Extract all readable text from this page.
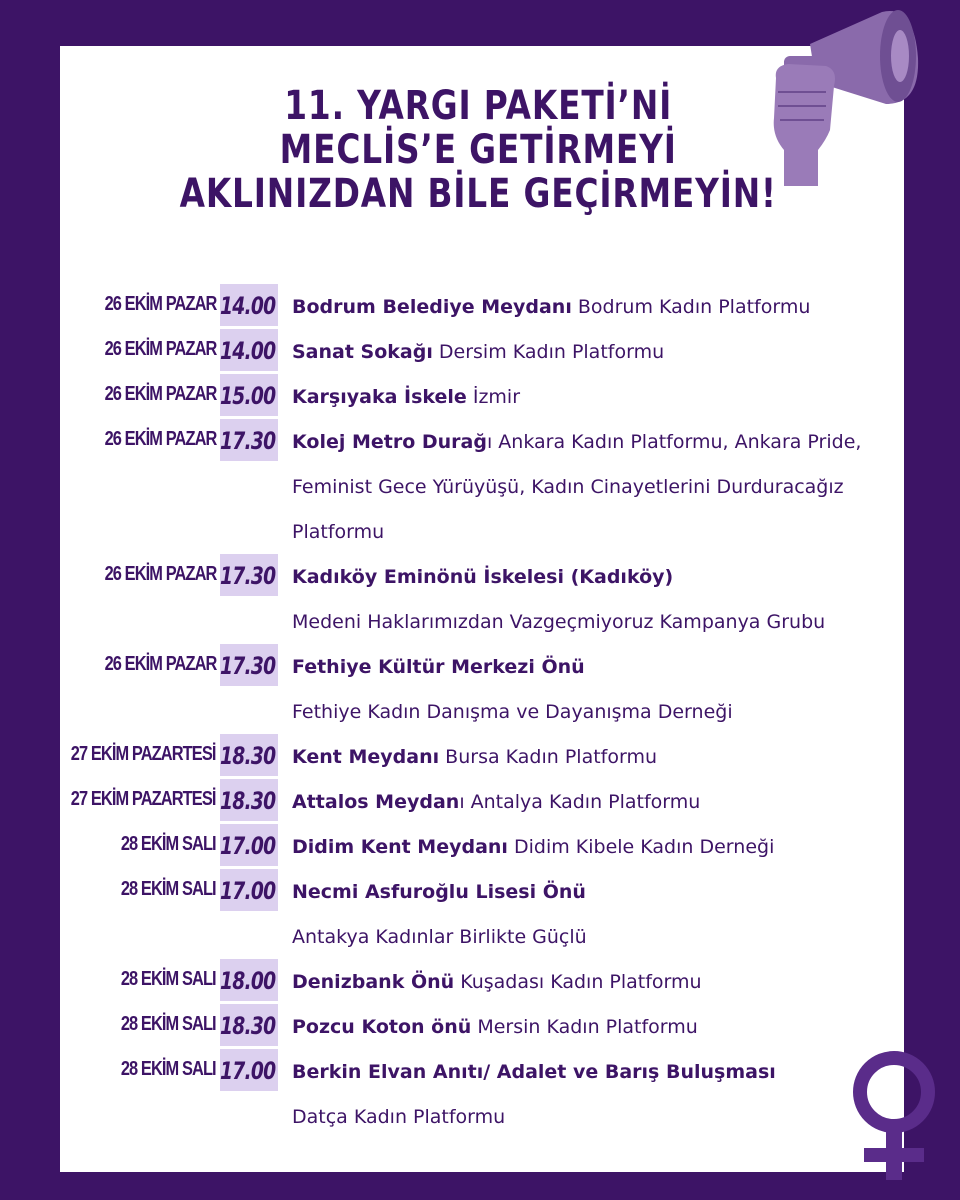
11. YARGI PAKETİ’Nİ
MECLİS’E GETİRMEYİ
AKLINIZDAN BİLE GEÇİRMEYİN!
26 EKİM PAZAR 14.00 Bodrum Belediye Meydanı Bodrum Kadın Platformu
26 EKİM PAZAR 14.00 Sanat Sokağı Dersim Kadın Platformu
26 EKİM PAZAR 15.00 Karşıyaka İskele İzmir
26 EKİM PAZAR 17.30 Kolej Metro Durağı Ankara Kadın Platformu, Ankara Pride,
Feminist Gece Yürüyüşü, Kadın Cinayetlerini Durduracağız
Platformu
26 EKİM PAZAR 17.30 Kadıköy Eminönü İskelesi (Kadıköy)
Medeni Haklarımızdan Vazgeçmiyoruz Kampanya Grubu
26 EKİM PAZAR 17.30 Fethiye Kültür Merkezi Önü
Fethiye Kadın Danışma ve Dayanışma Derneği
27 EKİM PAZARTESİ 18.30 Kent Meydanı Bursa Kadın Platformu
27 EKİM PAZARTESİ 18.30 Attalos Meydanı Antalya Kadın Platformu
28 EKİM SALI 17.00 Didim Kent Meydanı Didim Kibele Kadın Derneği
28 EKİM SALI 17.00 Necmi Asfuroğlu Lisesi Önü
Antakya Kadınlar Birlikte Güçlü
28 EKİM SALI 18.00 Denizbank Önü Kuşadası Kadın Platformu
28 EKİM SALI 18.30 Pozcu Koton önü Mersin Kadın Platformu
28 EKİM SALI 17.00 Berkin Elvan Anıtı/ Adalet ve Barış Buluşması
Datça Kadın Platformu
